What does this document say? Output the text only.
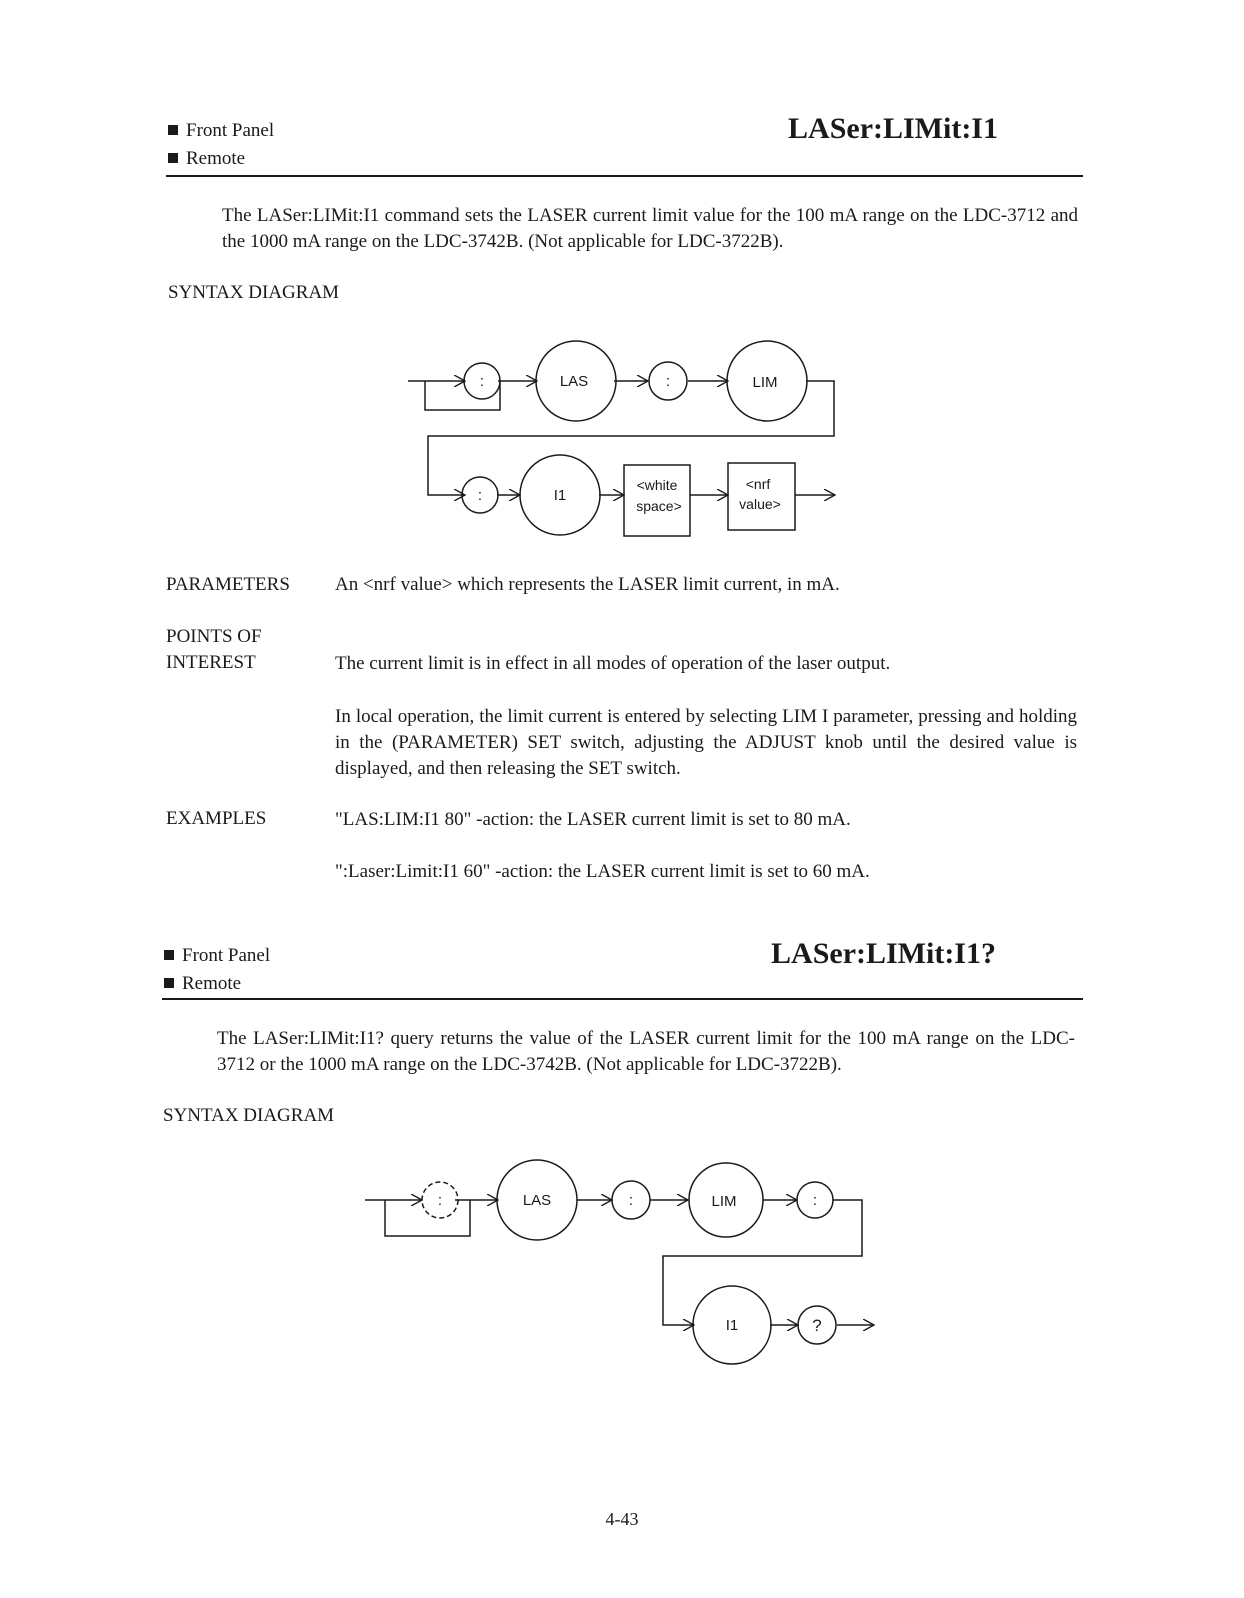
Front Panel
Remote
LASer:LIMit:I1
The LASer:LIMit:I1 command sets the LASER current limit value for the 100 mA range on the LDC-3712 and the 1000 mA range on the LDC-3742B. (Not applicable for LDC-3722B).
SYNTAX DIAGRAM
:	LAS	:	LIM
:	I1
<white
space>
<nrf
value>
:	LAS	:	LIM	:
I1	?
PARAMETERS An <nrf value> which represents the LASER limit current, in mA.
POINTS OF
INTEREST	The current limit is in effect in all modes of operation of the laser output.
In local operation, the limit current is entered by selecting LIM I parameter, pressing and holding in the (PARAMETER) SET switch, adjusting the ADJUST knob until the desired value is displayed, and then releasing the SET switch.
EXAMPLES	"LAS:LIM:I1 80" -action: the LASER current limit is set to 80 mA.
":Laser:Limit:I1 60" -action: the LASER current limit is set to 60 mA.
Front Panel
Remote
LASer:LIMit:I1?
The LASer:LIMit:I1? query returns the value of the LASER current limit for the 100 mA range on the LDC-3712 or the 1000 mA range on the LDC-3742B. (Not applicable for LDC-3722B).
SYNTAX DIAGRAM
4-43
